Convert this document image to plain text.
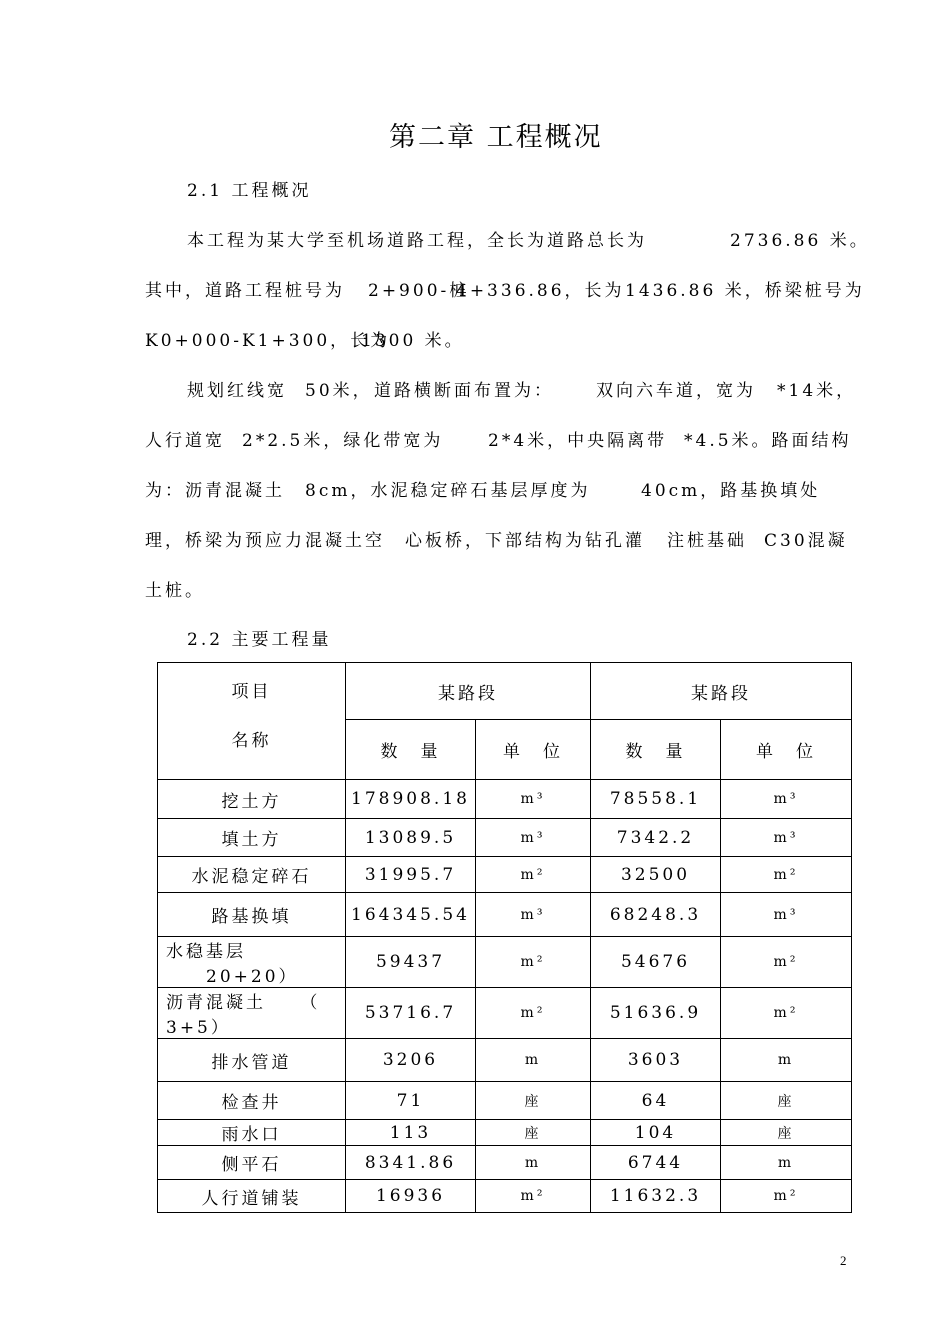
第二章 工程概况
2.1 工程概况
本工程为某大学至机场道路工程，全长为道路总长为	2736.86 米。
其中，道路工程桩号为 2+900-桩
4+336.86，长为 1436.86 米，桥梁桩号为
K0+000-K1+300，长为
1300 米。
规划红线宽 50米， 道路横断面布置为： 双向六车道，宽为 *14米，
人行道宽 2*2.5米，绿化带宽为	2*4米，中央隔离带 *4.5米。路面结构
为：沥青混凝土 8cm，水泥稳定碎石基层厚度为	40cm，路基换填处
理，桥梁为预应力混凝土空 心板桥，下部结构为钻孔灌 注桩基础 C30混凝
土桩。
2.2 主要工程量
项目
名称	某路段		某路段	
	数　量	单　位	数　量	单　位
挖土方	178908.18	m³	78558.1	m³
填土方	13089.5	m³	7342.2	m³
水泥稳定碎石	31995.7	m²	32500	m²
路基换填	164345.54	m³	68248.3	m³
水稳基层 20+20）	59437	m²	54676	m²
沥青混凝土 （ 3+5）	53716.7	m²	51636.9	m²
排水管道	3206	m	3603	m
检查井	71	座	64	座
雨水口	113	座	104	座
侧平石	8341.86	m	6744	m
人行道铺装	16936	m²	11632.3	m²
2
